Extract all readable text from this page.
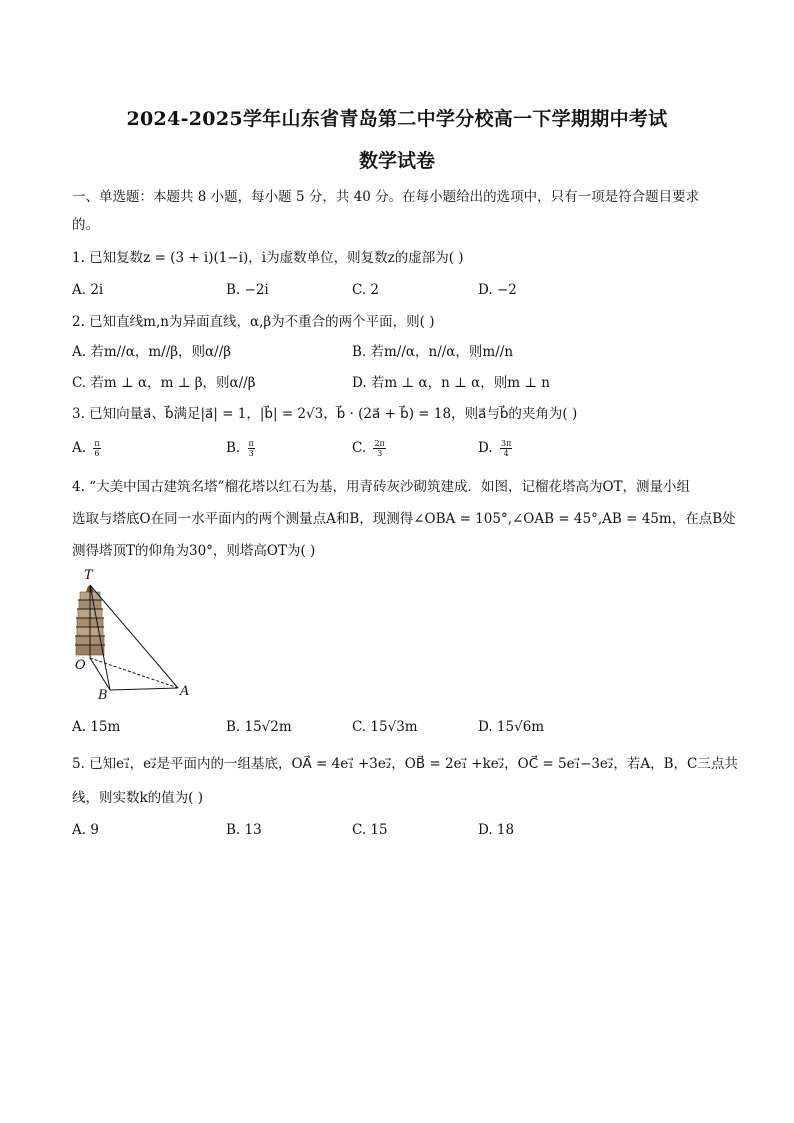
2024-2025学年山东省青岛第二中学分校高一下学期期中考试
数学试卷
一、单选题：本题共 8 小题，每小题 5 分，共 40 分。在每小题给出的选项中，只有一项是符合题目要求
的。
1. 已知复数z = (3 + i)(1−i)，i为虚数单位，则复数z的虚部为( )
A. 2i	B. −2i	C. 2	D. −2
2. 已知直线m,n为异面直线，α,β为不重合的两个平面，则( )
A. 若m//α，m//β，则α//β	B. 若m//α，n//α，则m//n
C. 若m ⊥ α，m ⊥ β，则α//β	D. 若m ⊥ α，n ⊥ α，则m ⊥ n
3. 已知向量a⃗、b⃗满足|a⃗| = 1，|b⃗| = 2√3，b⃗ · (2a⃗ + b⃗) = 18，则a⃗与b⃗的夹角为( )
A. $\frac{\pi}{6}$	B. $\frac{\pi}{3}$	C. $\frac{2\pi}{3}$	D. $\frac{3\pi}{4}$
4. “大美中国古建筑名塔”榴花塔以红石为基，用青砖灰沙砌筑建成．如图，记榴花塔高为OT，测量小组
选取与塔底O在同一水平面内的两个测量点A和B，现测得∠OBA = 105°,∠OAB = 45°,AB = 45m，在点B处
测得塔顶T的仰角为30°，则塔高OT为( )
T
O
B	A
A. 15m	B. 15√2m	C. 15√3m	D. 15√6m
5. 已知e₁⃗，e₂⃗是平面内的一组基底，OA⃗ = 4e₁⃗ +3e₂⃗，OB⃗ = 2e₁⃗ +ke₂⃗，OC⃗ = 5e₁⃗−3e₂⃗，若A，B，C三点共
线，则实数k的值为( )
A. 9	B. 13	C. 15	D. 18
